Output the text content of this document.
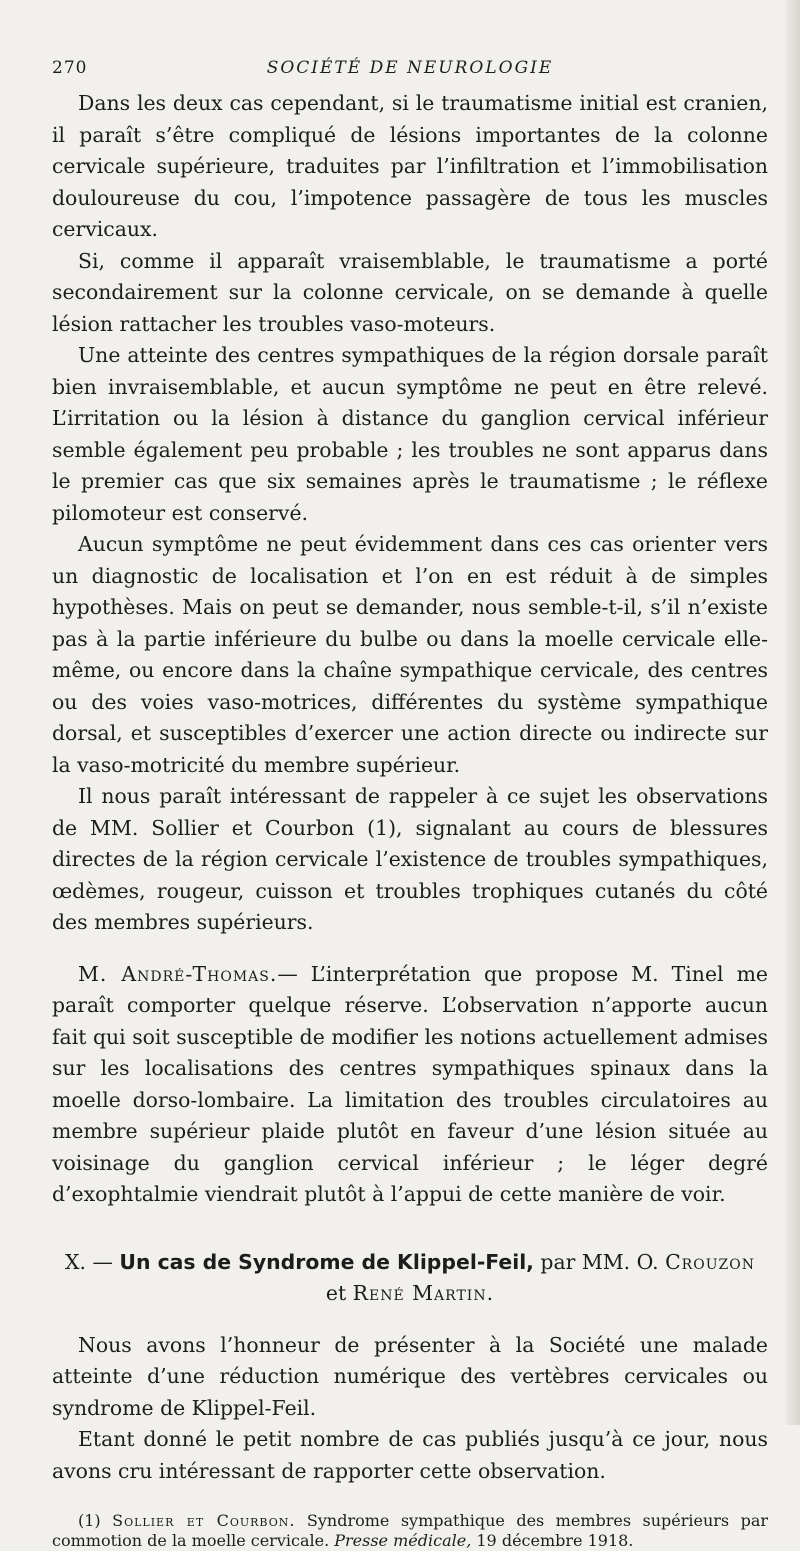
270	SOCIÉTÉ DE NEUROLOGIE

Dans les deux cas cependant, si le traumatisme initial est cranien, il paraît s’être compliqué de lésions importantes de la colonne cervicale supérieure, traduites par l’infiltration et l’immobilisation douloureuse du cou, l’impotence passagère de tous les muscles cervicaux.

Si, comme il apparaît vraisemblable, le traumatisme a porté secondairement sur la colonne cervicale, on se demande à quelle lésion rattacher les troubles vaso-moteurs.

Une atteinte des centres sympathiques de la région dorsale paraît bien invraisemblable, et aucun symptôme ne peut en être relevé. L’irritation ou la lésion à distance du ganglion cervical inférieur semble également peu probable ; les troubles ne sont apparus dans le premier cas que six semaines après le traumatisme ; le réflexe pilomoteur est conservé.

Aucun symptôme ne peut évidemment dans ces cas orienter vers un diagnostic de localisation et l’on en est réduit à de simples hypothèses. Mais on peut se demander, nous semble-t-il, s’il n’existe pas à la partie inférieure du bulbe ou dans la moelle cervicale elle-même, ou encore dans la chaîne sympathique cervicale, des centres ou des voies vaso-motrices, différentes du système sympathique dorsal, et susceptibles d’exercer une action directe ou indirecte sur la vaso-motricité du membre supérieur.

Il nous paraît intéressant de rappeler à ce sujet les observations de MM. Sollier et Courbon (1), signalant au cours de blessures directes de la région cervicale l’existence de troubles sympathiques, œdèmes, rougeur, cuisson et troubles trophiques cutanés du côté des membres supérieurs.

M. André-Thomas.— L’interprétation que propose M. Tinel me paraît comporter quelque réserve. L’observation n’apporte aucun fait qui soit susceptible de modifier les notions actuellement admises sur les localisations des centres sympathiques spinaux dans la moelle dorso-lombaire. La limitation des troubles circulatoires au membre supérieur plaide plutôt en faveur d’une lésion située au voisinage du ganglion cervical inférieur ; le léger degré d’exophtalmie viendrait plutôt à l’appui de cette manière de voir.

X. — Un cas de Syndrome de Klippel-Feil, par MM. O. Crouzon et René Martin.

Nous avons l’honneur de présenter à la Société une malade atteinte d’une réduction numérique des vertèbres cervicales ou syndrome de Klippel-Feil.

Etant donné le petit nombre de cas publiés jusqu’à ce jour, nous avons cru intéressant de rapporter cette observation.

(1) Sollier et Courbon. Syndrome sympathique des membres supérieurs par commotion de la moelle cervicale. Presse médicale, 19 décembre 1918.
